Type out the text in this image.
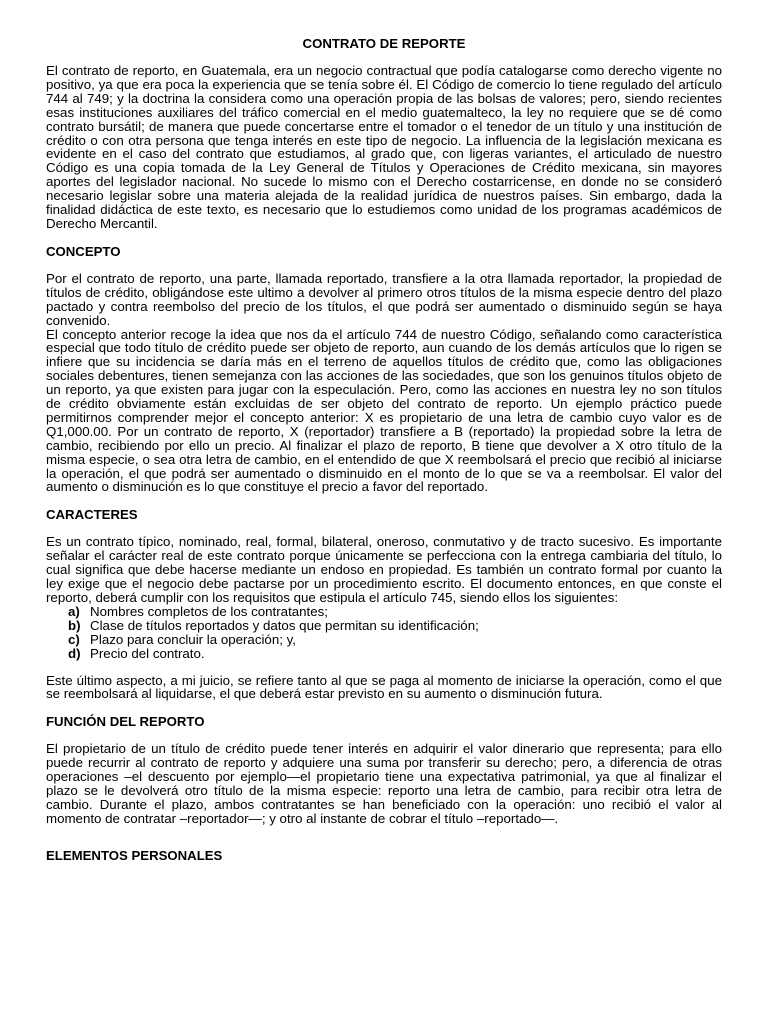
CONTRATO DE REPORTE

El contrato de reporto, en Guatemala, era un negocio contractual que podía catalogarse como derecho vigente no positivo, ya que era poca la experiencia que se tenía sobre él. El Código de comercio lo tiene regulado del artículo 744 al 749; y la doctrina la considera como una operación propia de las bolsas de valores; pero, siendo recientes esas instituciones auxiliares del tráfico comercial en el medio guatemalteco, la ley no requiere que se dé como contrato bursátil; de manera que puede concertarse entre el tomador o el tenedor de un título y una institución de crédito o con otra persona que tenga interés en este tipo de negocio. La influencia de la legislación mexicana es evidente en el caso del contrato que estudiamos, al grado que, con ligeras variantes, el articulado de nuestro Código es una copia tomada de la Ley General de Títulos y Operaciones de Crédito mexicana, sin mayores aportes del legislador nacional. No sucede lo mismo con el Derecho costarricense, en donde no se consideró necesario legislar sobre una materia alejada de la realidad jurídica de nuestros países. Sin embargo, dada la finalidad didáctica de este texto, es necesario que lo estudiemos como unidad de los programas académicos de Derecho Mercantil.

CONCEPTO

Por el contrato de reporto, una parte, llamada reportado, transfiere a la otra llamada reportador, la propiedad de títulos de crédito, obligándose este ultimo a devolver al primero otros títulos de la misma especie dentro del plazo pactado y contra reembolso del precio de los títulos, el que podrá ser aumentado o disminuido según se haya convenido.

El concepto anterior recoge la idea que nos da el artículo 744 de nuestro Código, señalando como característica especial que todo título de crédito puede ser objeto de reporto, aun cuando de los demás artículos que lo rigen se infiere que su incidencia se daría más en el terreno de aquellos títulos de crédito que, como las obligaciones sociales debentures, tienen semejanza con las acciones de las sociedades, que son los genuinos títulos objeto de un reporto, ya que existen para jugar con la especulación. Pero, como las acciones en nuestra ley no son títulos de crédito obviamente están excluidas de ser objeto del contrato de reporto. Un ejemplo práctico puede permitirnos comprender mejor el concepto anterior: X es propietario de una letra de cambio cuyo valor es de Q1,000.00. Por un contrato de reporto, X (reportador) transfiere a B (reportado) la propiedad sobre la letra de cambio, recibiendo por ello un precio. Al finalizar el plazo de reporto, B tiene que devolver a X otro título de la misma especie, o sea otra letra de cambio, en el entendido de que X reembolsará el precio que recibió al iniciarse la operación, el que podrá ser aumentado o disminuido en el monto de lo que se va a reembolsar. El valor del aumento o disminución es lo que constituye el precio a favor del reportado.

CARACTERES

Es un contrato típico, nominado, real, formal, bilateral, oneroso, conmutativo y de tracto sucesivo. Es importante señalar el carácter real de este contrato porque únicamente se perfecciona con la entrega cambiaria del título, lo cual significa que debe hacerse mediante un endoso en propiedad. Es también un contrato formal por cuanto la ley exige que el negocio debe pactarse por un procedimiento escrito. El documento entonces, en que conste el reporto, deberá cumplir con los requisitos que estipula el artículo 745, siendo ellos los siguientes:

a) Nombres completos de los contratantes;
b) Clase de títulos reportados y datos que permitan su identificación;
c) Plazo para concluir la operación; y,
d) Precio del contrato.

Este último aspecto, a mi juicio, se refiere tanto al que se paga al momento de iniciarse la operación, como el que se reembolsará al liquidarse, el que deberá estar previsto en su aumento o disminución futura.

FUNCIÓN DEL REPORTO

El propietario de un título de crédito puede tener interés en adquirir el valor dinerario que representa; para ello puede recurrir al contrato de reporto y adquiere una suma por transferir su derecho; pero, a diferencia de otras operaciones –el descuento por ejemplo—el propietario tiene una expectativa patrimonial, ya que al finalizar el plazo se le devolverá otro título de la misma especie: reporto una letra de cambio, para recibir otra letra de cambio. Durante el plazo, ambos contratantes se han beneficiado con la operación: uno recibió el valor al momento de contratar –reportador—; y otro al instante de cobrar el título –reportado—.

ELEMENTOS PERSONALES
